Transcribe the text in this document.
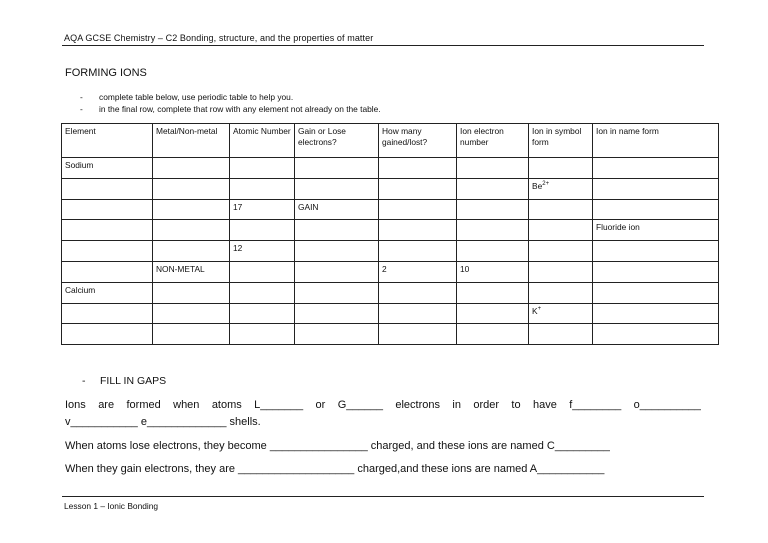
AQA GCSE Chemistry – C2 Bonding, structure, and the properties of matter
FORMING IONS
- complete table below, use periodic table to help you.
- in the final row, complete that row with any element not already on the table.
Element	Metal/Non-metal	Atomic Number	Gain or Lose electrons?	How many gained/lost?	Ion electron number	Ion in symbol form	Ion in name form
Sodium							
						$Be^{2+}$	
		17	GAIN				
							Fluoride ion
		12					
	NON-METAL			2	10		
Calcium							
						K+	

- FILL IN GAPS
Ions are formed when atoms L_______ or G______ electrons in order to have f________ o__________
v___________ e_____________ shells.
When atoms lose electrons, they become ________________ charged, and these ions are named C_________
When they gain electrons, they are ___________________ charged,and these ions are named A___________
Lesson 1 – Ionic Bonding
